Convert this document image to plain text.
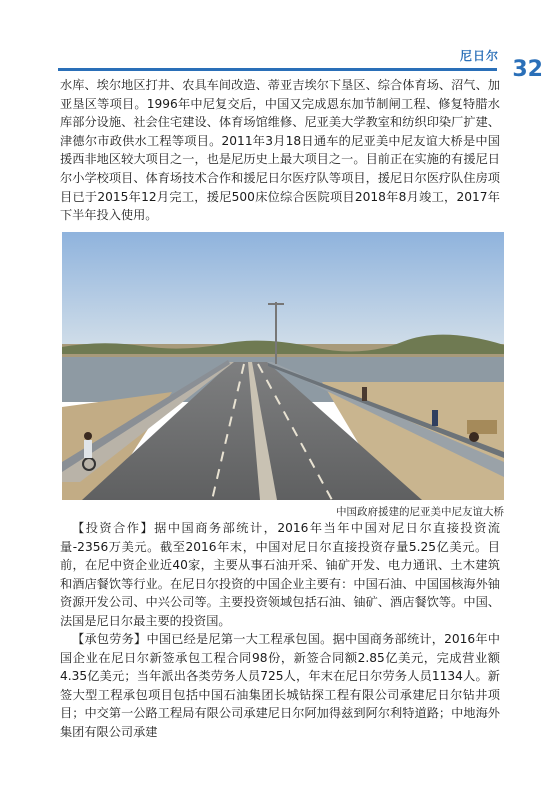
尼日尔
32
水库、埃尔地区打井、农具车间改造、蒂亚吉埃尔下垦区、综合体育场、沼气、加亚垦区等项目。1996年中尼复交后，中国又完成恩东加节制闸工程、修复特腊水库部分设施、社会住宅建设、体育场馆维修、尼亚美大学教室和纺织印染厂扩建、津德尔市政供水工程等项目。2011年3月18日通车的尼亚美中尼友谊大桥是中国援西非地区较大项目之一，也是尼历史上最大项目之一。目前正在实施的有援尼日尔小学校项目、体育场技术合作和援尼日尔医疗队等项目，援尼日尔医疗队住房项目已于2015年12月完工，援尼500床位综合医院项目2018年8月竣工，2017年下半年投入使用。
中国政府援建的尼亚美中尼友谊大桥
【投资合作】据中国商务部统计，2016年当年中国对尼日尔直接投资流量-2356万美元。截至2016年末，中国对尼日尔直接投资存量5.25亿美元。目前，在尼中资企业近40家，主要从事石油开采、铀矿开发、电力通讯、土木建筑和酒店餐饮等行业。在尼日尔投资的中国企业主要有：中国石油、中国国核海外铀资源开发公司、中兴公司等。主要投资领域包括石油、铀矿、酒店餐饮等。中国、法国是尼日尔最主要的投资国。
【承包劳务】中国已经是尼第一大工程承包国。据中国商务部统计，2016年中国企业在尼日尔新签承包工程合同98份，新签合同额2.85亿美元，完成营业额4.35亿美元；当年派出各类劳务人员725人，年末在尼日尔劳务人员1134人。新签大型工程承包项目包括中国石油集团长城钻探工程有限公司承建尼日尔钻井项目；中交第一公路工程局有限公司承建尼日尔阿加得兹到阿尔利特道路；中地海外集团有限公司承建
